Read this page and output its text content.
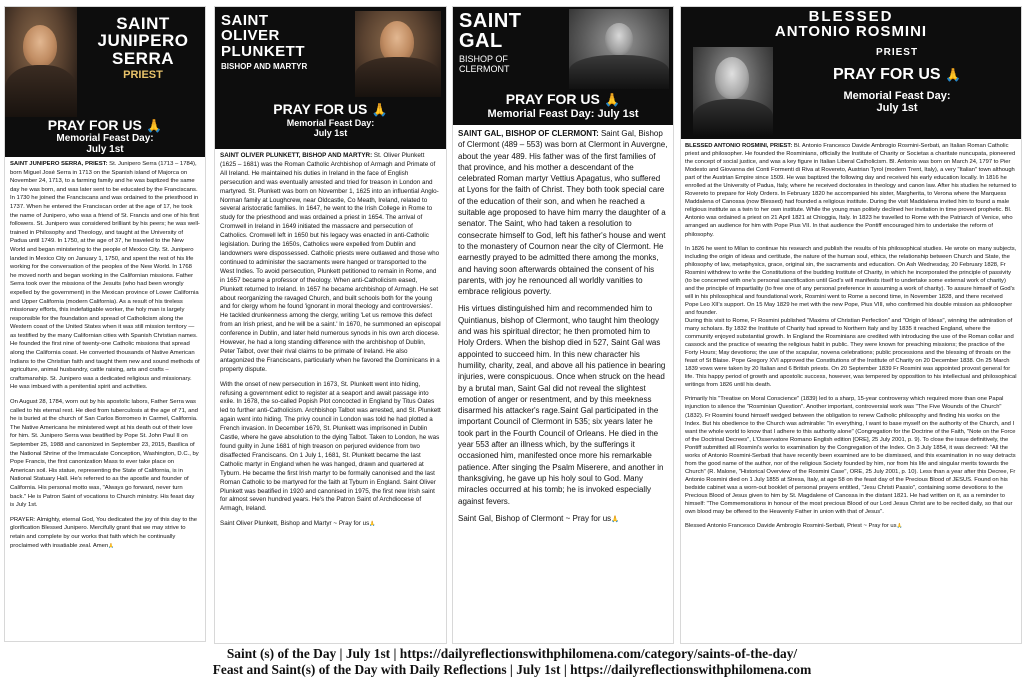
SAINT
JUNIPERO
SERRA
PRIEST
PRAY FOR US 🙏
Memorial Feast Day:
July 1st

SAINT JUNIPERO SERRA, PRIEST: St. Junipero Serra (1713 – 1784), born Miguel José Serra in 1713 on the Spanish island of Majorca on November 24, 1713, to a farming family and he was baptized the same day he was born, and was later sent to be educated by the Franciscans. In 1730 he joined the Franciscans and was ordained to the priesthood in 1737. When he entered the Franciscan order at the age of 17, he took the name of Junipero, who was a friend of St. Francis and one of his first followers. St. Junipero was considered brilliant by his peers; he was well-trained in Philosophy and Theology, and taught at the University of Padua until 1749. In 1750, at the age of 37, he traveled to the New World and began ministering to the people of Mexico City. St. Junipero landed in Mexico City on January 1, 1750, and spent the rest of his life working for the conversation of the peoples of the New World. In 1768 he moved north and began working in the Californian missions. Father Serra took over the missions of the Jesuits (who had been wrongly expelled by the government) in the Mexican province of Lower California and Upper California (modern California). As a result of his tireless missionary efforts, this indefatigable worker, the holy man is largely responsible for the foundation and spread of Catholicism along the Western coast of the United States when it was still mission territory —as testified by the many Californian cities with Spanish Christian names. He founded the first nine of twenty-one Catholic missions that spread along the California coast. He converted thousands of Native American Indians to the Christian faith and taught them new and sound methods of agriculture, animal husbandry, cattle raising, arts and crafts – craftsmanship. St. Junipero was a dedicated religious and missionary. He was imbued with a penitential spirit and activities.

On August 28, 1784, worn out by his apostolic labors, Father Serra was called to his eternal rest. He died from tuberculosis at the age of 71, and he is buried at the church of San Carlos Borromeo in Carmel, California. The Native Americans he ministered wept at his death out of their love for him. St. Junipero Serra was beatified by Pope St. John Paul II on September 25, 1988 and canonized in September 23, 2015, Basilica of the National Shrine of the Immaculate Conception, Washington, D.C., by Pope Francis, the first canonization Mass to ever take place on American soil. His statue, representing the State of California, is in National Statuary Hall. He's referred to as the apostle and founder of California. His personal motto was, "Always go forward, never turn back." He is Patron Saint of vocations to Church ministry. His feast day is July 1st.

PRAYER: Almighty, eternal God, You dedicated the joy of this day to the glorification Blessed Junipero. Mercifully grant that we may strive to retain and complete by our works that faith which he continually proclaimed with insatiable zeal. Amen🙏

SAINT
OLIVER
PLUNKETT
BISHOP AND MARTYR
PRAY FOR US 🙏
Memorial Feast Day:
July 1st

SAINT OLIVER PLUNKETT, BISHOP AND MARTYR: St. Oliver Plunkett (1625 – 1681) was the Roman Catholic Archbishop of Armagh and Primate of All Ireland. He maintained his duties in Ireland in the face of English persecution and was eventually arrested and tried for treason in London and martyred. St. Plunkett was born on November 1, 1625 into an influential Anglo-Norman family at Loughcrew, near Oldcastle, Co Meath, Ireland, related to several aristocratic families. In 1647, he went to the Irish College in Rome to study for the priesthood and was ordained a priest in 1654. The arrival of Cromwell in Ireland in 1649 initiated the massacre and persecution of Catholics. Cromwell left in 1650 but his legacy was enacted in anti-Catholic legislation. During the 1650s, Catholics were expelled from Dublin and landowners were dispossessed. Catholic priests were outlawed and those who continued to administer the sacraments were hanged or transported to the West Indies. To avoid persecution, Plunkett petitioned to remain in Rome, and in 1657 became a professor of theology. When anti-Catholicism eased, Plunkett returned to Ireland. In 1657 he became archbishop of Armagh. He set about reorganizing the ravaged Church, and built schools both for the young and for clergy whom he found 'ignorant in moral theology and controversies'. He tackled drunkenness among the clergy, writing 'Let us remove this defect from an Irish priest, and he will be a saint.' In 1670, he summoned an episcopal conference in Dublin, and later held numerous synods in his own arch diocese. However, he had a long standing difference with the archbishop of Dublin, Peter Talbot, over their rival claims to be primate of Ireland. He also antagonized the Franciscans, particularly when he favored the Dominicans in a property dispute.

With the onset of new persecution in 1673, St. Plunkett went into hiding, refusing a government edict to register at a seaport and await passage into exile. In 1678, the so-called Popish Plot concocted in England by Titus Oates led to further anti-Catholicism. Archbishop Talbot was arrested, and St. Plunkett again went into hiding. The privy council in London was told he had plotted a French invasion. In December 1679, St. Plunkett was imprisoned in Dublin Castle, where he gave absolution to the dying Talbot. Taken to London, he was found guilty in June 1681 of high treason on perjured evidence from two disaffected Franciscans. On 1 July 1, 1681, St. Plunkett became the last Catholic martyr in England when he was hanged, drawn and quartered at Tyburn. He became the first Irish martyr to be formally canonised and the last Roman Catholic to be martyred for the faith at Tyburn in England. Saint Oliver Plunkett was beatified in 1920 and canonised in 1975, the first new Irish saint for almost seven hundred years. He's the Patron Saint of Archdiocese of Armagh, Ireland.

Saint Oliver Plunkett, Bishop and Martyr ~ Pray for us🙏

SAINT
GAL
BISHOP OF
CLERMONT
PRAY FOR US 🙏
Memorial Feast Day: July 1st

SAINT GAL, BISHOP OF CLERMONT: Saint Gal, Bishop of Clermont (489 – 553) was born at Clermont in Auvergne, about the year 489. His father was of the first families of that province, and his mother a descendant of the celebrated Roman martyr Vettius Apagatus, who suffered at Lyons for the faith of Christ. They both took special care of the education of their son, and when he reached a suitable age proposed to have him marry the daughter of a senator. The Saint, who had taken a resolution to consecrate himself to God, left his father's house and went to the monastery of Cournon near the city of Clermont. He earnestly prayed to be admitted there among the monks, and having soon afterwards obtained the consent of his parents, with joy he renounced all worldly vanities to embrace religious poverty.

His virtues distinguished him and recommended him to Quintianus, bishop of Clermont, who taught him theology and was his spiritual director; he then promoted him to Holy Orders. When the bishop died in 527, Saint Gal was appointed to succeed him. In this new character his humility, charity, zeal, and above all his patience in bearing injuries, were conspicuous. Once when struck on the head by a brutal man, Saint Gal did not reveal the slightest emotion of anger or resentment, and by this meekness disarmed his attacker's rage.Saint Gal participated in the important Council of Clermont in 535; six years later he took part in the Fourth Council of Orleans. He died in the year 553 after an illness which, by the sufferings it occasioned him, manifested once more his remarkable patience. After singing the Psalm Miserere, and another in thanksgiving, he gave up his holy soul to God. Many miracles occurred at his tomb; he is invoked especially against fevers.

Saint Gal, Bishop of Clermont ~ Pray for us🙏

BLESSED
ANTONIO ROSMINI
PRIEST
PRAY FOR US 🙏
Memorial Feast Day:
July 1st

BLESSED ANTONIO ROSMINI, PRIEST: Bl. Antonio Francesco Davide Ambrogio Rosmini-Serbati, an Italian Roman Catholic priest and philosopher. He founded the Rosminians, officially the Institute of Charity or Societas a charitate nuncupata, pioneered the concept of social justice, and was a key figure in Italian Liberal Catholicism. Bl. Antonio was born on March 24, 1797 to Pier Modesto and Giovanna dei Conti Formenti di Riva at Rovereto, Austrian Tyrol (modern Trent, Italy), a very "Italian" town although part of the Austrian Empire since 1509. He was baptized the following day and received his early education locally. In 1816 he enrolled at the University of Padua, Italy, where he received doctorates in theology and canon law. After his studies he returned to Rovereto to prepare for Holy Orders. In February 1820 he accompanied his sister, Margherita, to Verona where the Marquess Maddalena of Canossa (now Blessed) had founded a religious institute. During the visit Maddalena invited him to found a male religious institute as a twin to her own institute. While the young man politely declined her invitation in time proved prophetic. Bl. Antonio was ordained a priest on 21 April 1821 at Chioggia, Italy. In 1823 he travelled to Rome with the Patriarch of Venice, who arranged an audience for him with Pope Pius VII. In that audience the Pontiff encouraged him to undertake the reform of philosophy.

In 1826 he went to Milan to continue his research and publish the results of his philosophical studies. He wrote on many subjects, including the origin of ideas and certitude, the nature of the human soul, ethics, the relationship between Church and State, the philosophy of law, metaphysics, grace, original sin, the sacraments and education. On Ash Wednesday, 20 February 1828, Fr Rosmini withdrew to write the Constitutions of the budding Institute of Charity, in which he incorporated the principle of passivity (to be concerned with one's personal sanctification until God's will manifests itself to undertake some external work of charity) and the principle of impartiality (to free one of any personal preference in assuming a work of charity). To assure himself of God's will in his philosophical and foundational work, Rosmini went to Rome a second time, in November 1828, and there received Pope Leo XII's support. On 15 May 1829 he met with the new Pope, Pius VIII, who confirmed his double mission as philosopher and founder.
During this visit to Rome, Fr Rosmini published "Maxims of Christian Perfection" and "Origin of Ideas", winning the admiration of many scholars. By 1832 the Institute of Charity had spread to Northern Italy and by 1835 it reached England, where the community enjoyed substantial growth. In England the Rosminians are credited with introducing the use of the Roman collar and cassock and the practice of wearing the religious habit in public. They were known for preaching missions; the practice of the Forty Hours; May devotions; the use of the scapular, novena celebrations; public processions and the blessing of throats on the feast of St Blaise. Pope Gregory XVI approved the Constitutions of the Institute of Charity on 20 December 1838. On 25 March 1839 vows were taken by 20 Italian and 6 British priests. On 20 September 1839 Fr Rosmini was appointed provost general for life. This happy period of growth and apostolic success, however, was tempered by opposition to his intellectual and philosophical writings from 1826 until his death.

Primarily his "Treatise on Moral Conscience" (1839) led to a sharp, 15-year controversy which required more than one Papal injunction to silence the "Rosminian Question". Another important, controversial work was "The Five Wounds of the Church" (1832). Fr Rosmini found himself wedged between the obligation to renew Catholic philosophy and finding his works on the Index. But his obedience to the Church was admirable: "In everything, I want to base myself on the authority of the Church, and I want the whole world to know that I adhere to this authority alone" (Congregation for the Doctrine of the Faith, "Note on the Force of the Doctrinal Decrees", L'Osservatore Romano English edition [ORE], 25 July 2001, p. 9). To close the issue definitively, the Pontiff submitted all Rosmini's works to examination by the Congregation of the Index. On 3 July 1854, it was decreed: "All the works of Antonio Rosmini-Serbati that have recently been examined are to be dismissed, and this examination in no way detracts from the good name of the author, nor of the religious Society founded by him, nor from his life and singular merits towards the Church" (R. Malone, "Historical Overview of the Rosmini Case", ORE, 25 July 2001, p. 10). Less than a year after this Decree, Fr Antonio Rosmini died on 1 July 1855 at Stresa, Italy, at age 58 on the feast day of the Precious Blood of JESUS. Found on his bedside cabinet was a worn-out booklet of personal prayers entitled, "Jesu Christi Passio", containing some devotions to the Precious Blood of Jesus given to him by St. Magdalene of Canossa in the distant 1821. He had written on it, as a reminder to himself: "The Commemorations in honour of the most precious Blood of our Lord Jesus Christ are to be recited daily, so that our own blood may be offered to the Heavenly Father in union with that of Jesus".

Blessed Antonio Francesco Davide Ambrogio Rosmini-Serbati, Priest ~ Pray for us🙏

Saint (s) of the Day | July 1st | https://dailyreflectionswithphilomena.com/category/saints-of-the-day/
Feast and Saint(s) of the Day with Daily Reflections | July 1st | https://dailyreflectionswithphilomena.com
